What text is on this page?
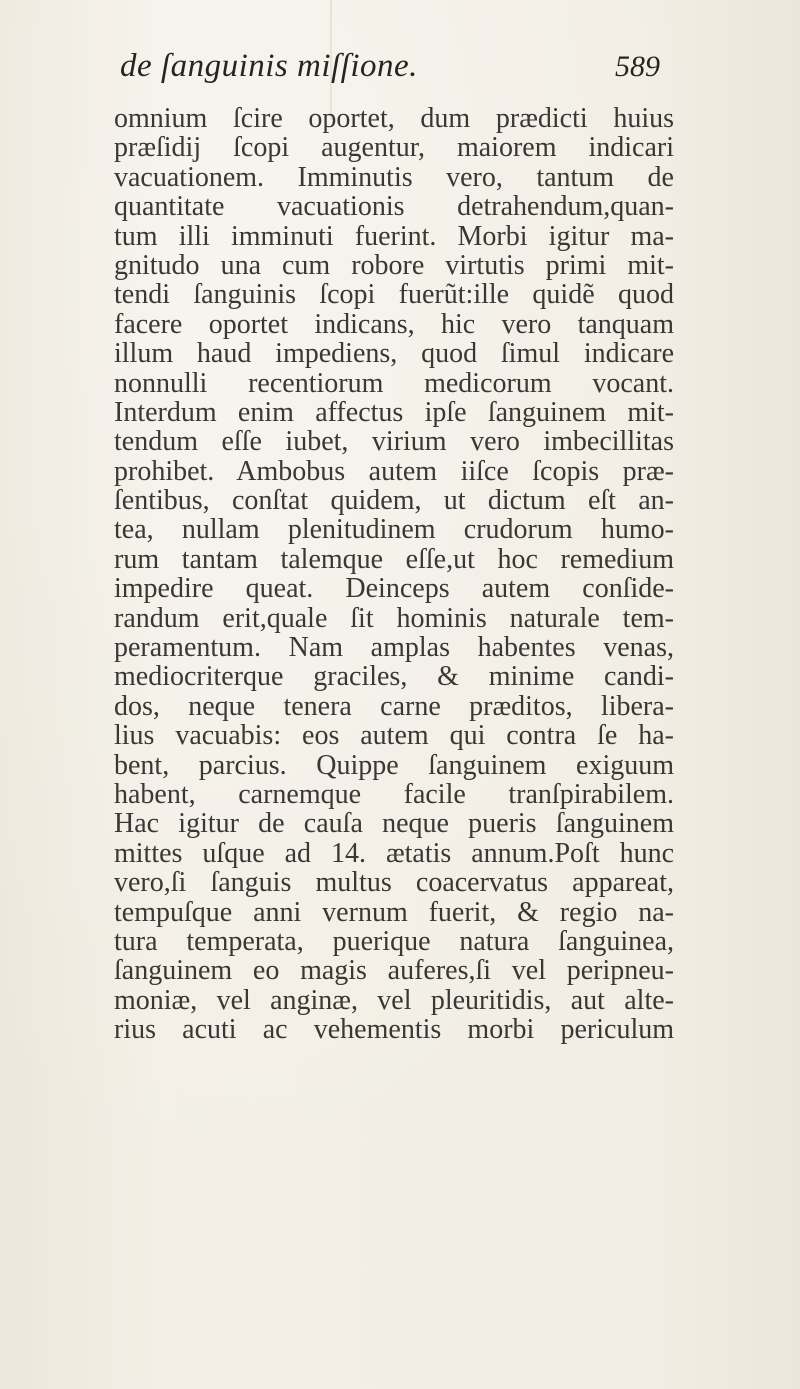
de ſanguinis miſſione.	589
omnium ſcire oportet, dum prædicti huius
præſidij ſcopi augentur, maiorem indicari
vacuationem. Imminutis vero, tantum de
quantitate vacuationis detrahendum,quan-
tum illi imminuti fuerint. Morbi igitur ma-
gnitudo una cum robore virtutis primi mit-
tendi ſanguinis ſcopi fuerũt:ille quidẽ quod
facere oportet indicans, hic vero tanquam
illum haud impediens, quod ſimul indicare
nonnulli recentiorum medicorum vocant.
Interdum enim affectus ipſe ſanguinem mit-
tendum eſſe iubet, virium vero imbecillitas
prohibet. Ambobus autem iiſce ſcopis præ-
ſentibus, conſtat quidem, ut dictum eſt an-
tea, nullam plenitudinem crudorum humo-
rum tantam talemque eſſe,ut hoc remedium
impedire queat. Deinceps autem conſide-
randum erit,quale ſit hominis naturale tem-
peramentum. Nam amplas habentes venas,
mediocriterque graciles, & minime candi-
dos, neque tenera carne præditos, libera-
lius vacuabis: eos autem qui contra ſe ha-
bent, parcius. Quippe ſanguinem exiguum
habent, carnemque facile tranſpirabilem.
Hac igitur de cauſa neque pueris ſanguinem
mittes uſque ad 14. ætatis annum.Poſt hunc
vero,ſi ſanguis multus coacervatus appareat,
tempuſque anni vernum fuerit, & regio na-
tura temperata, puerique natura ſanguinea,
ſanguinem eo magis auferes,ſi vel peripneu-
moniæ, vel anginæ, vel pleuritidis, aut alte-
rius acuti ac vehementis morbi periculum
